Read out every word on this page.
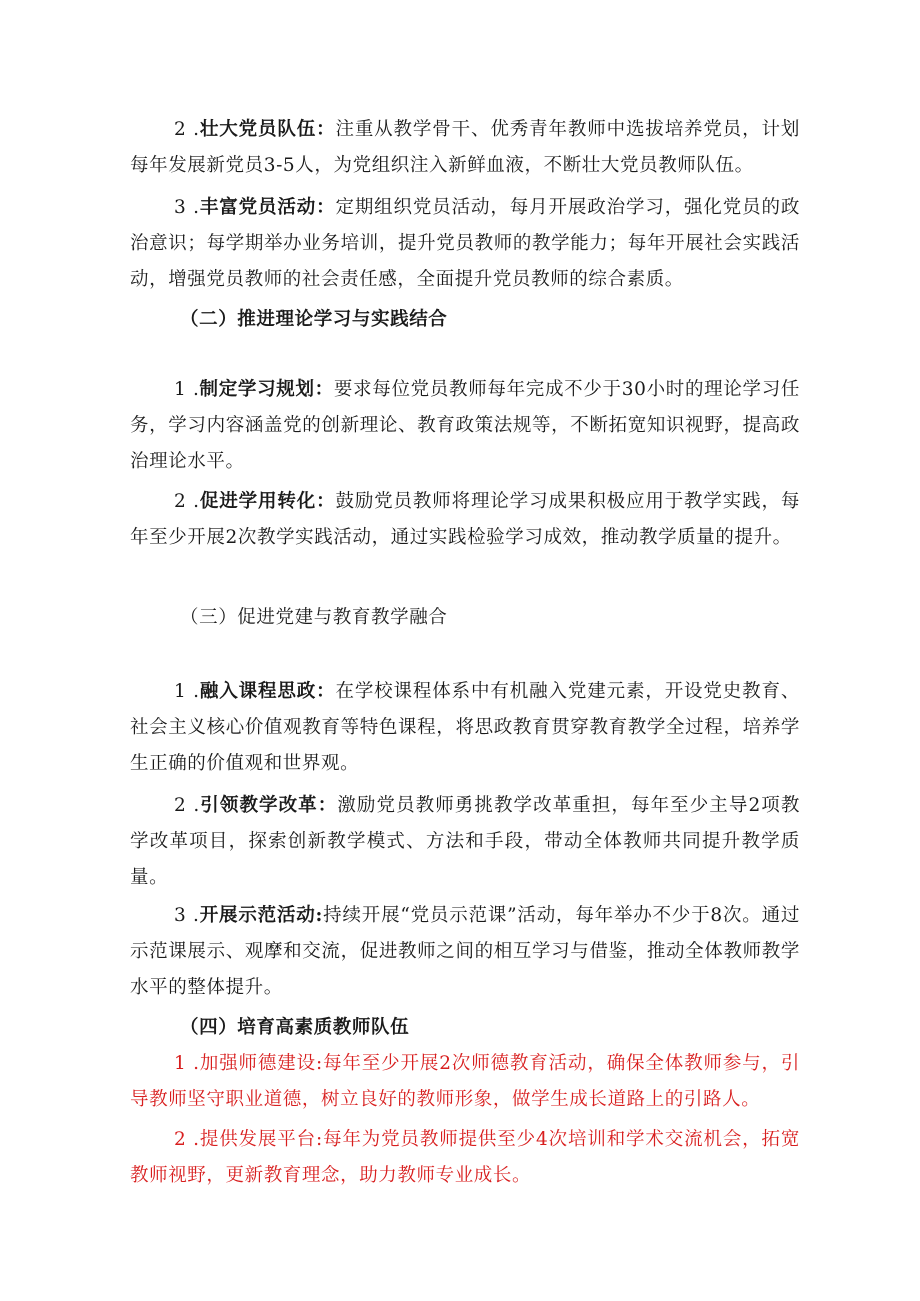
2 .壮大党员队伍：注重从教学骨干、优秀青年教师中选拔培养党员，计划每年发展新党员3-5人，为党组织注入新鲜血液，不断壮大党员教师队伍。

3 .丰富党员活动：定期组织党员活动，每月开展政治学习，强化党员的政治意识；每学期举办业务培训，提升党员教师的教学能力；每年开展社会实践活动，增强党员教师的社会责任感，全面提升党员教师的综合素质。

（二）推进理论学习与实践结合

1 .制定学习规划：要求每位党员教师每年完成不少于30小时的理论学习任务，学习内容涵盖党的创新理论、教育政策法规等，不断拓宽知识视野，提高政治理论水平。

2 .促进学用转化：鼓励党员教师将理论学习成果积极应用于教学实践，每年至少开展2次教学实践活动，通过实践检验学习成效，推动教学质量的提升。

（三）促进党建与教育教学融合

1 .融入课程思政：在学校课程体系中有机融入党建元素，开设党史教育、社会主义核心价值观教育等特色课程，将思政教育贯穿教育教学全过程，培养学生正确的价值观和世界观。

2 .引领教学改革：激励党员教师勇挑教学改革重担，每年至少主导2项教学改革项目，探索创新教学模式、方法和手段，带动全体教师共同提升教学质量。

3 .开展示范活动:持续开展“党员示范课”活动，每年举办不少于8次。通过示范课展示、观摩和交流，促进教师之间的相互学习与借鉴，推动全体教师教学水平的整体提升。

（四）培育高素质教师队伍

1 .加强师德建设:每年至少开展2次师德教育活动，确保全体教师参与，引导教师坚守职业道德，树立良好的教师形象，做学生成长道路上的引路人。

2 .提供发展平台:每年为党员教师提供至少4次培训和学术交流机会，拓宽教师视野，更新教育理念，助力教师专业成长。
